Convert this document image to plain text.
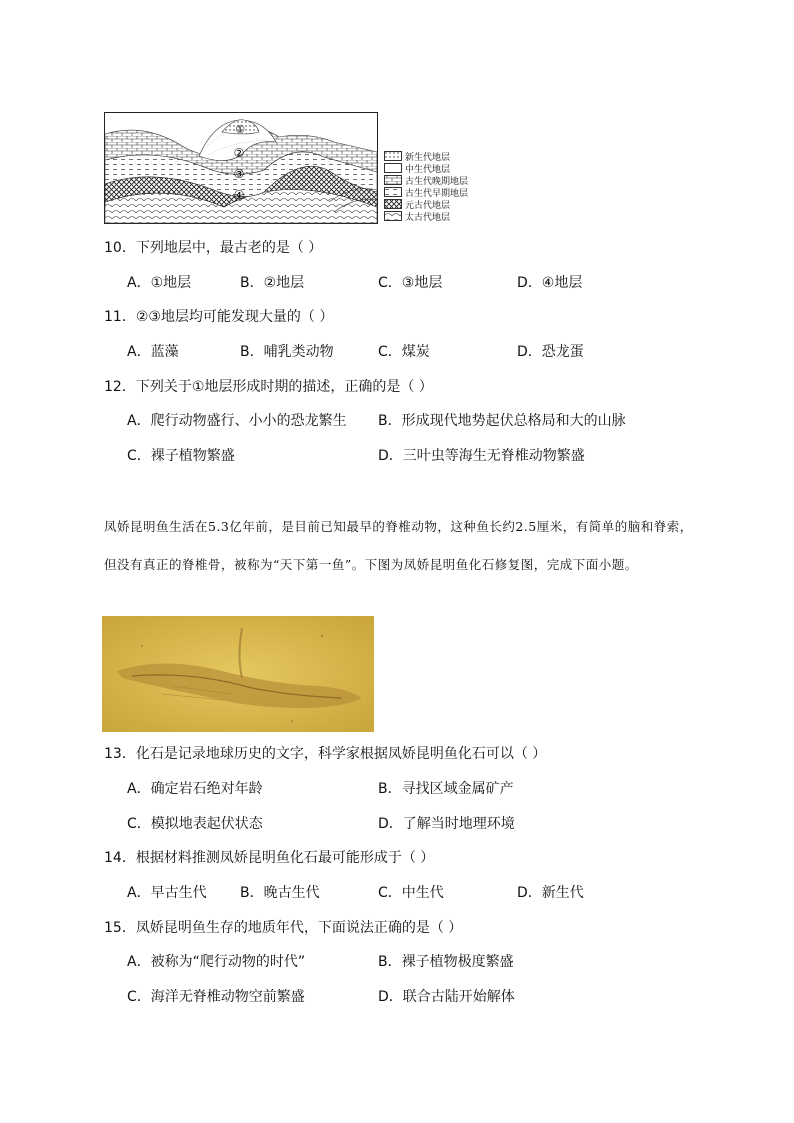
①
②
③
④
新生代地层
中生代地层
古生代晚期地层
古生代早期地层
元古代地层
太古代地层
10．下列地层中，最古老的是（ ）
A．①地层	B．②地层	C．③地层	D．④地层
11．②③地层均可能发现大量的（ ）
A．蓝藻	B．哺乳类动物	C．煤炭	D．恐龙蛋
12．下列关于①地层形成时期的描述，正确的是（ ）
A．爬行动物盛行、小小的恐龙繁生 B．形成现代地势起伏总格局和大的山脉
C．裸子植物繁盛	D．三叶虫等海生无脊椎动物繁盛
凤娇昆明鱼生活在5.3亿年前，是目前已知最早的脊椎动物，这种鱼长约2.5厘米，有简单的脑和脊索，但没有真正的脊椎骨，被称为“天下第一鱼”。下图为凤娇昆明鱼化石修复图，完成下面小题。
13．化石是记录地球历史的文字，科学家根据凤娇昆明鱼化石可以（ ）
A．确定岩石绝对年龄	B．寻找区域金属矿产
C．模拟地表起伏状态	D．了解当时地理环境
14．根据材料推测凤娇昆明鱼化石最可能形成于（ ）
A．早古生代 B．晚古生代	C．中生代	D．新生代
15．凤娇昆明鱼生存的地质年代，下面说法正确的是（ ）
A．被称为“爬行动物的时代”	B．裸子植物极度繁盛
C．海洋无脊椎动物空前繁盛	D．联合古陆开始解体
